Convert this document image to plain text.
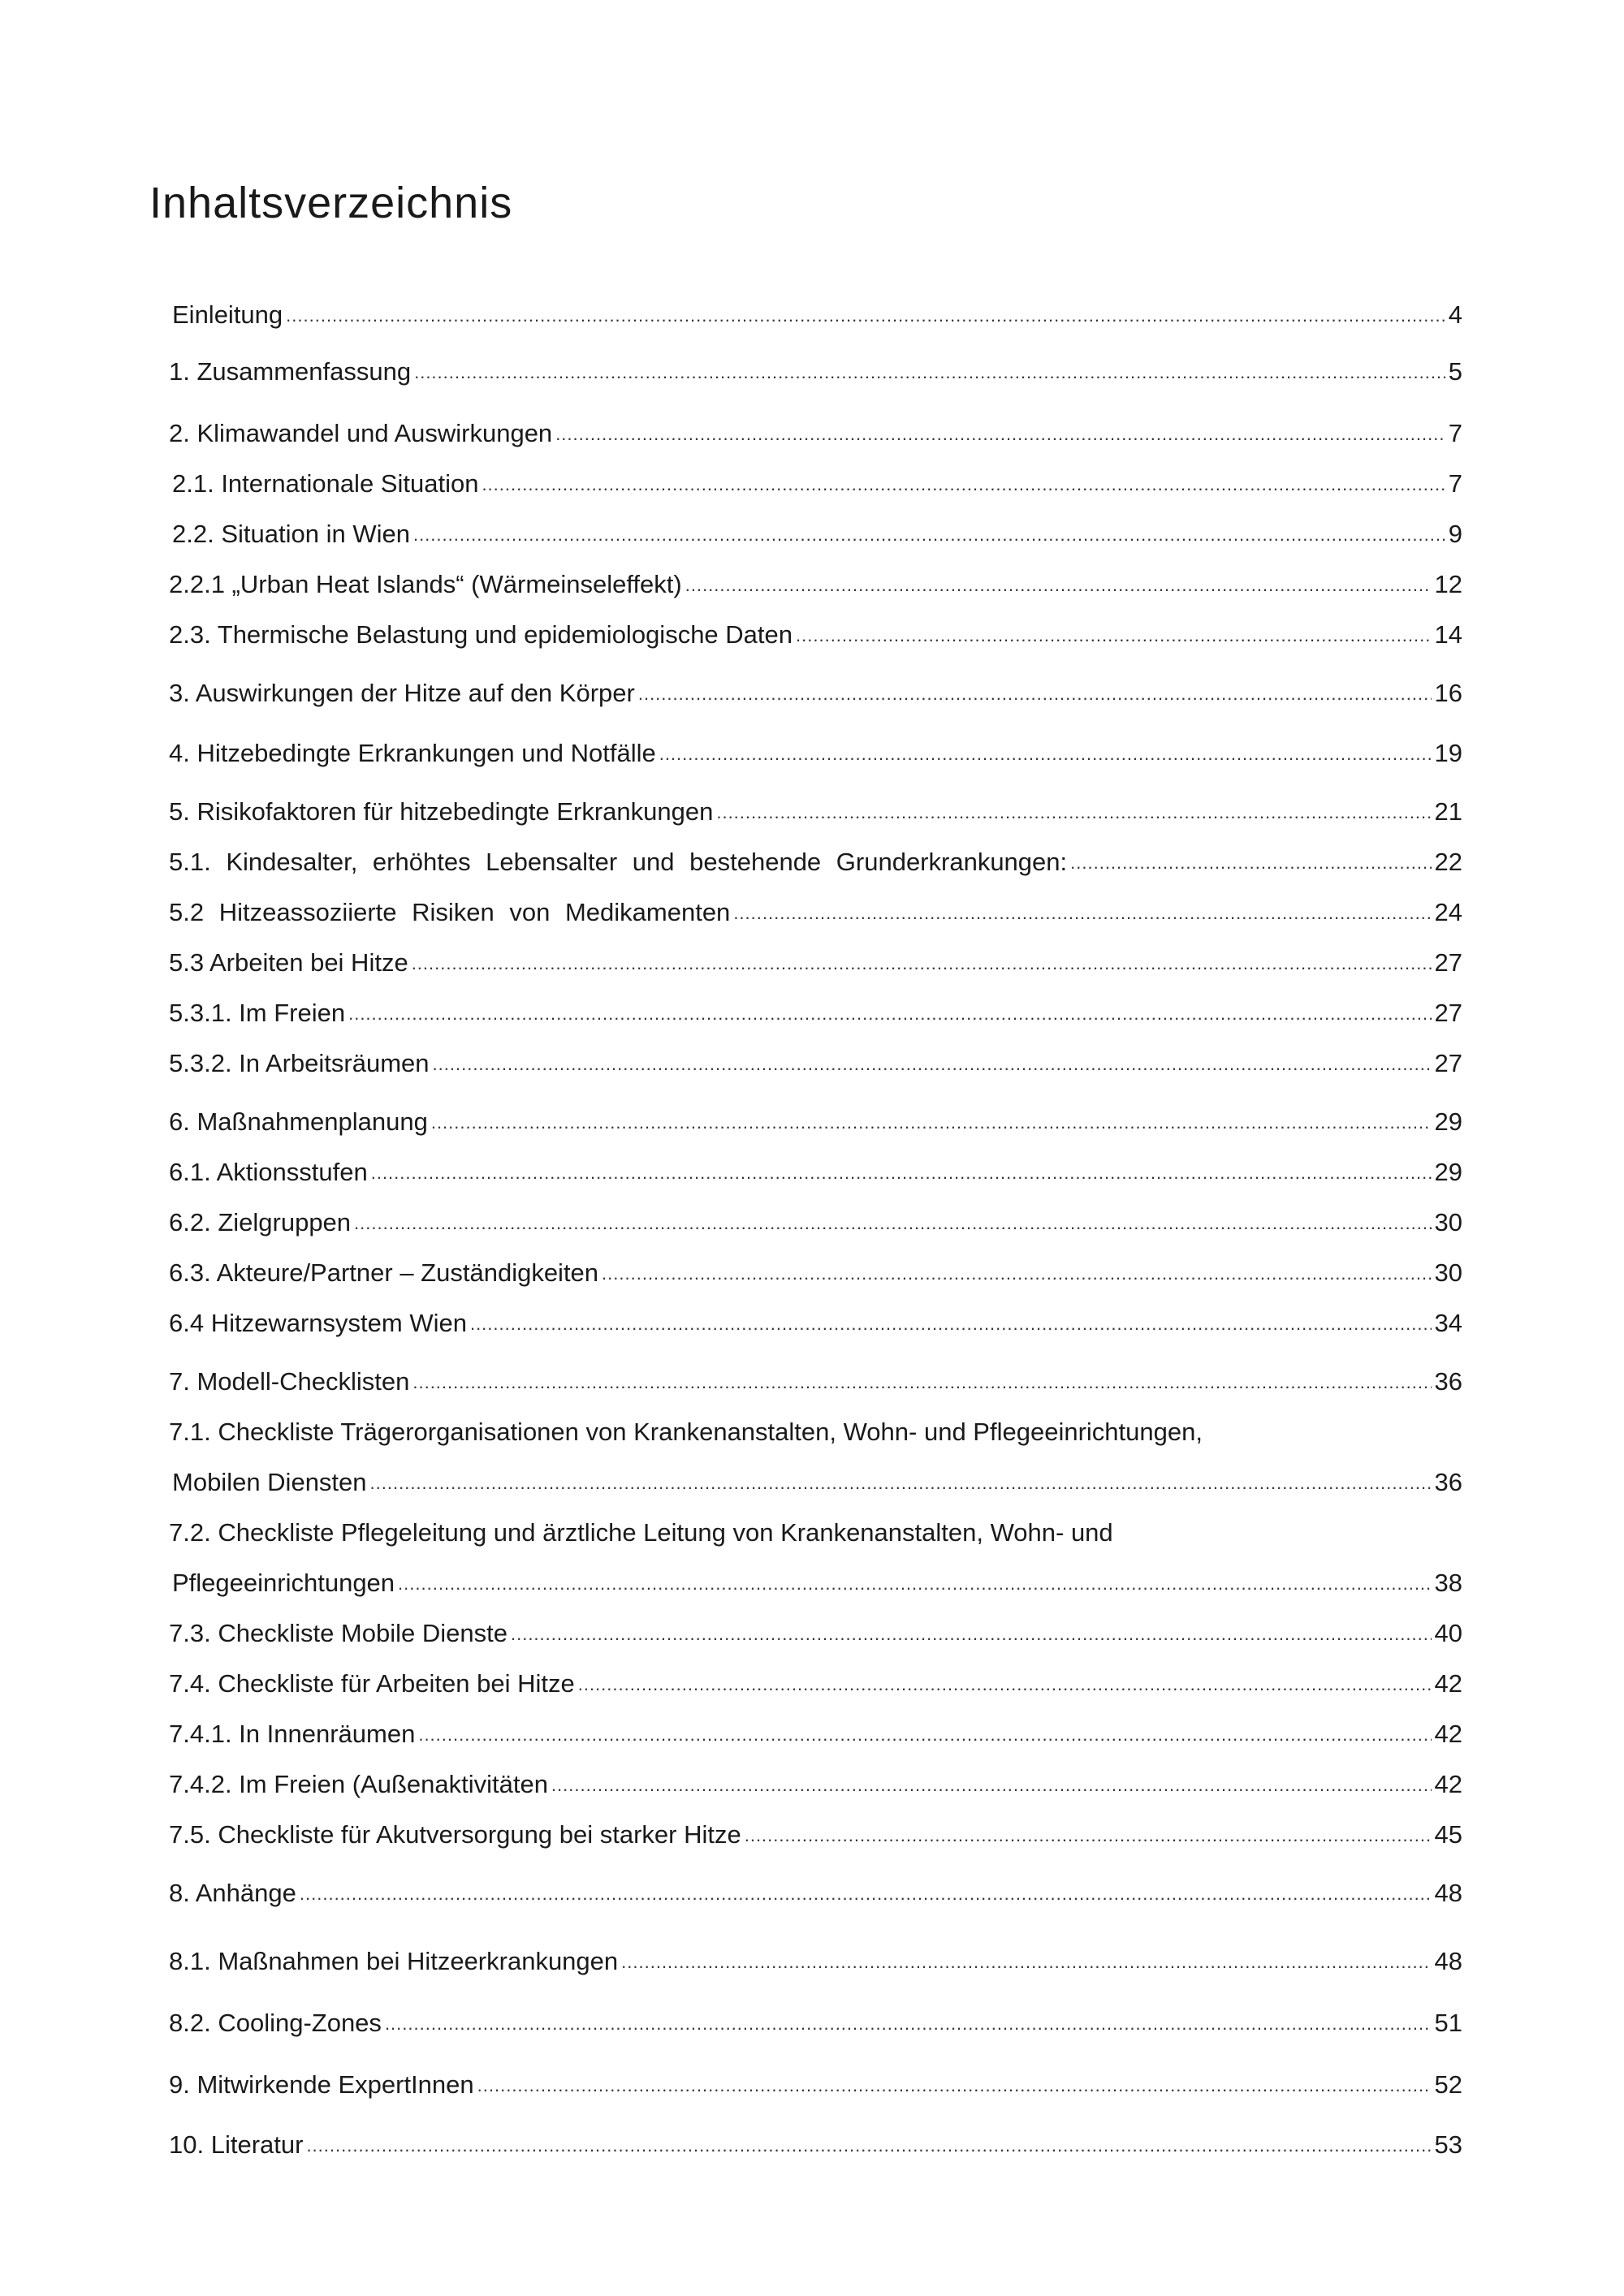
Inhaltsverzeichnis
Einleitung .....	4
1. Zusammenfassung .....	5
2. Klimawandel und Auswirkungen .....	7
2.1. Internationale Situation .....	7
2.2. Situation in Wien .....	9
2.2.1 „Urban Heat Islands“ (Wärmeinseleffekt) .....	12
2.3. Thermische Belastung und epidemiologische Daten .....	14
3. Auswirkungen der Hitze auf den Körper .....	16
4. Hitzebedingte Erkrankungen und Notfälle .....	19
5. Risikofaktoren für hitzebedingte Erkrankungen .....	21
5.1. Kindesalter, erhöhtes Lebensalter und bestehende Grunderkrankungen: .....	22
5.2 Hitzeassoziierte Risiken von Medikamenten .....	24
5.3 Arbeiten bei Hitze .....	27
5.3.1. Im Freien .....	27
5.3.2. In Arbeitsräumen .....	27
6. Maßnahmenplanung .....	29
6.1. Aktionsstufen .....	29
6.2. Zielgruppen .....	30
6.3. Akteure/Partner – Zuständigkeiten .....	30
6.4 Hitzewarnsystem Wien .....	34
7. Modell-Checklisten .....	36
7.1. Checkliste Trägerorganisationen von Krankenanstalten, Wohn- und Pflegeeinrichtungen,
Mobilen Diensten .....	36
7.2. Checkliste Pflegeleitung und ärztliche Leitung von Krankenanstalten, Wohn- und
Pflegeeinrichtungen .....	38
7.3. Checkliste Mobile Dienste .....	40
7.4. Checkliste für Arbeiten bei Hitze .....	42
7.4.1. In Innenräumen .....	42
7.4.2. Im Freien (Außenaktivitäten .....	42
7.5. Checkliste für Akutversorgung bei starker Hitze .....	45
8. Anhänge .....	48
8.1. Maßnahmen bei Hitzeerkrankungen .....	48
8.2. Cooling-Zones .....	51
9. Mitwirkende ExpertInnen .....	52
10. Literatur .....	53
